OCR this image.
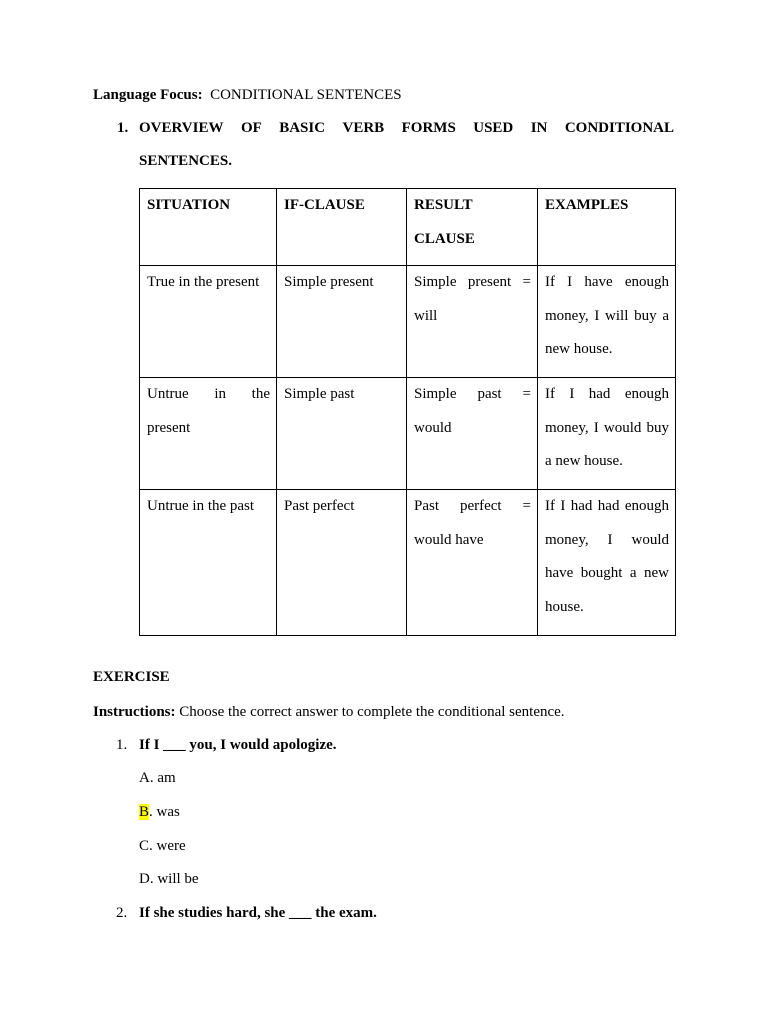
Language Focus: CONDITIONAL SENTENCES
1. OVERVIEW OF BASIC VERB FORMS USED IN CONDITIONAL
SENTENCES.
SITUATION	IF-CLAUSE	RESULT CLAUSE	EXAMPLES
True in the present	Simple present	Simple present = will	If I have enough money, I will buy a new house.
Untrue in the present	Simple past	Simple past = would	If I had enough money, I would buy a new house.
Untrue in the past	Past perfect	Past perfect = would have	If I had had enough money, I would have bought a new house.
EXERCISE
Instructions: Choose the correct answer to complete the conditional sentence.
1. If I ___ you, I would apologize.
A. am
B. was
C. were
D. will be
2. If she studies hard, she ___ the exam.
